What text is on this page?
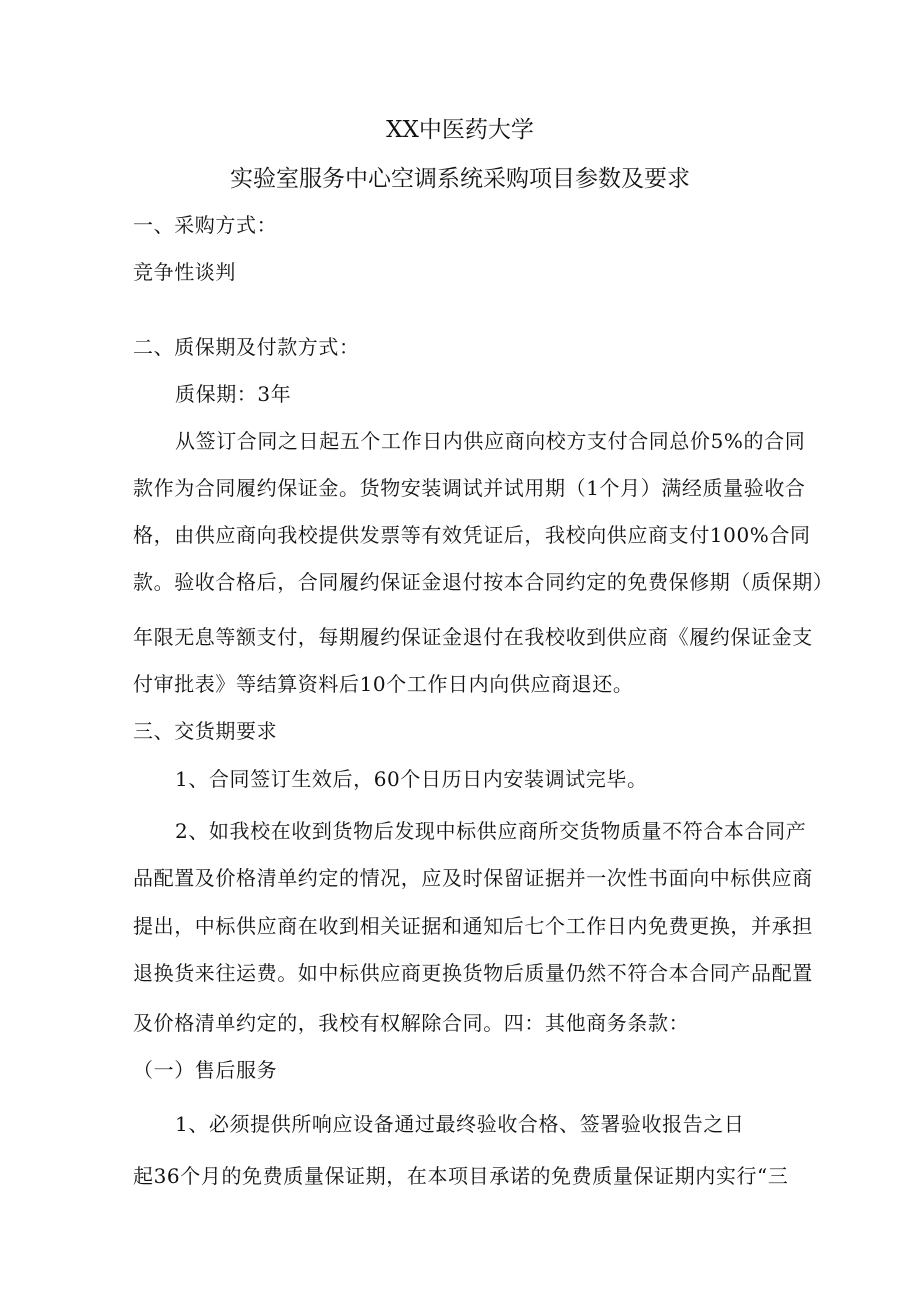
XX中医药大学
实验室服务中心空调系统采购项目参数及要求
一、采购方式：
竞争性谈判
二、质保期及付款方式：
质保期：3年
从签订合同之日起五个工作日内供应商向校方支付合同总价5%的合同
款作为合同履约保证金。货物安装调试并试用期（1个月）满经质量验收合
格，由供应商向我校提供发票等有效凭证后，我校向供应商支付100%合同
款。验收合格后，合同履约保证金退付按本合同约定的免费保修期（质保期）
年限无息等额支付，每期履约保证金退付在我校收到供应商《履约保证金支
付审批表》等结算资料后10个工作日内向供应商退还。
三、交货期要求
1、合同签订生效后，60个日历日内安装调试完毕。
2、如我校在收到货物后发现中标供应商所交货物质量不符合本合同产
品配置及价格清单约定的情况，应及时保留证据并一次性书面向中标供应商
提出，中标供应商在收到相关证据和通知后七个工作日内免费更换，并承担
退换货来往运费。如中标供应商更换货物后质量仍然不符合本合同产品配置
及价格清单约定的，我校有权解除合同。四：其他商务条款：
（一）售后服务
1、必须提供所响应设备通过最终验收合格、签署验收报告之日
起36个月的免费质量保证期，在本项目承诺的免费质量保证期内实行“三
